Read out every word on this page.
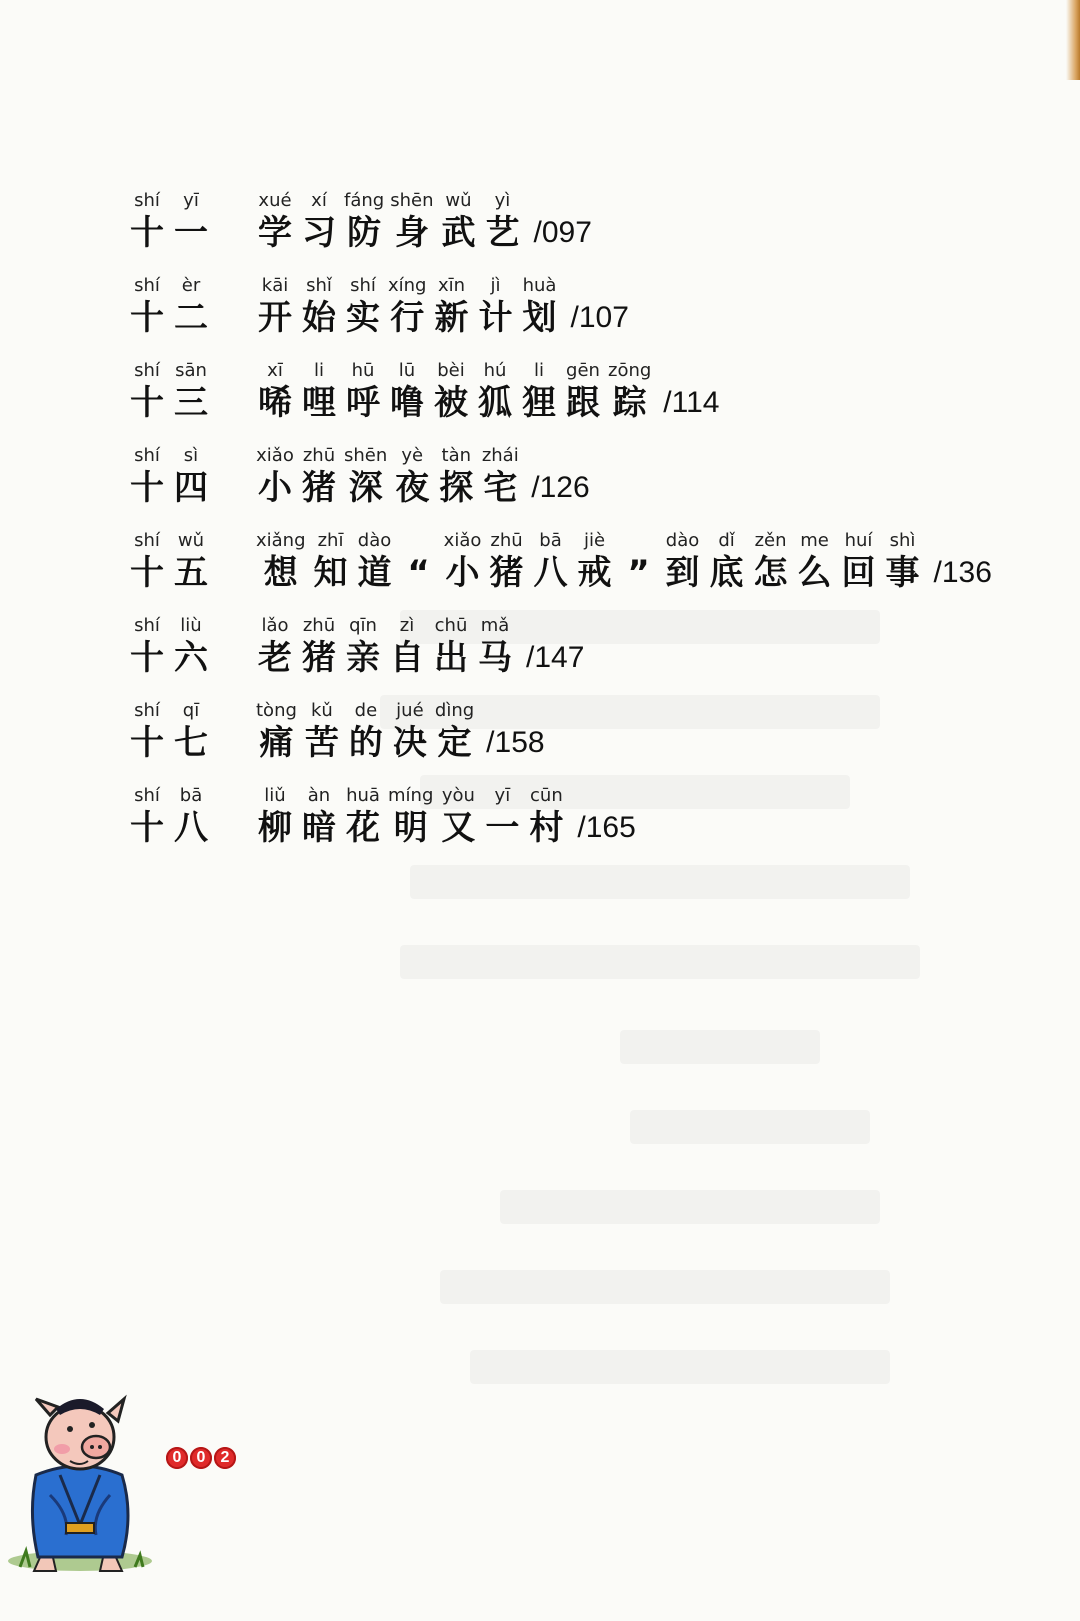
shí
十
yī
一
xué
学
xí
习
fáng
防
shēn
身
wǔ
武
yì
艺 /097
shí
十
èr
二
kāi
开
shǐ
始
shí
实
xíng
行
xīn
新
jì
计
huà
划 /107
shí
十
sān
三
xī
唏
li
哩
hū
呼
lū
噜
bèi
被
hú
狐
li
狸
gēn
跟
zōng
踪 /114
shí
十
sì
四
xiǎo
小
zhū
猪
shēn
深
yè
夜
tàn
探
zhái
宅 /126
shí
十
wǔ
五
xiǎng
想
zhī
知
dào
道 “
xiǎo
小
zhū
猪
bā
八
jiè
戒 ”
dào
到
dǐ
底
zěn
怎
me
么
huí
回
shì
事 /136
shí
十
liù
六
lǎo
老
zhū
猪
qīn
亲
zì
自
chū
出
mǎ
马 /147
shí
十
qī
七
tòng
痛
kǔ
苦
de
的
jué
决
dìng
定 /158
shí
十
bā
八
liǔ
柳
àn
暗
huā
花
míng
明
yòu
又
yī
一
cūn
村 /165
0 0 2
